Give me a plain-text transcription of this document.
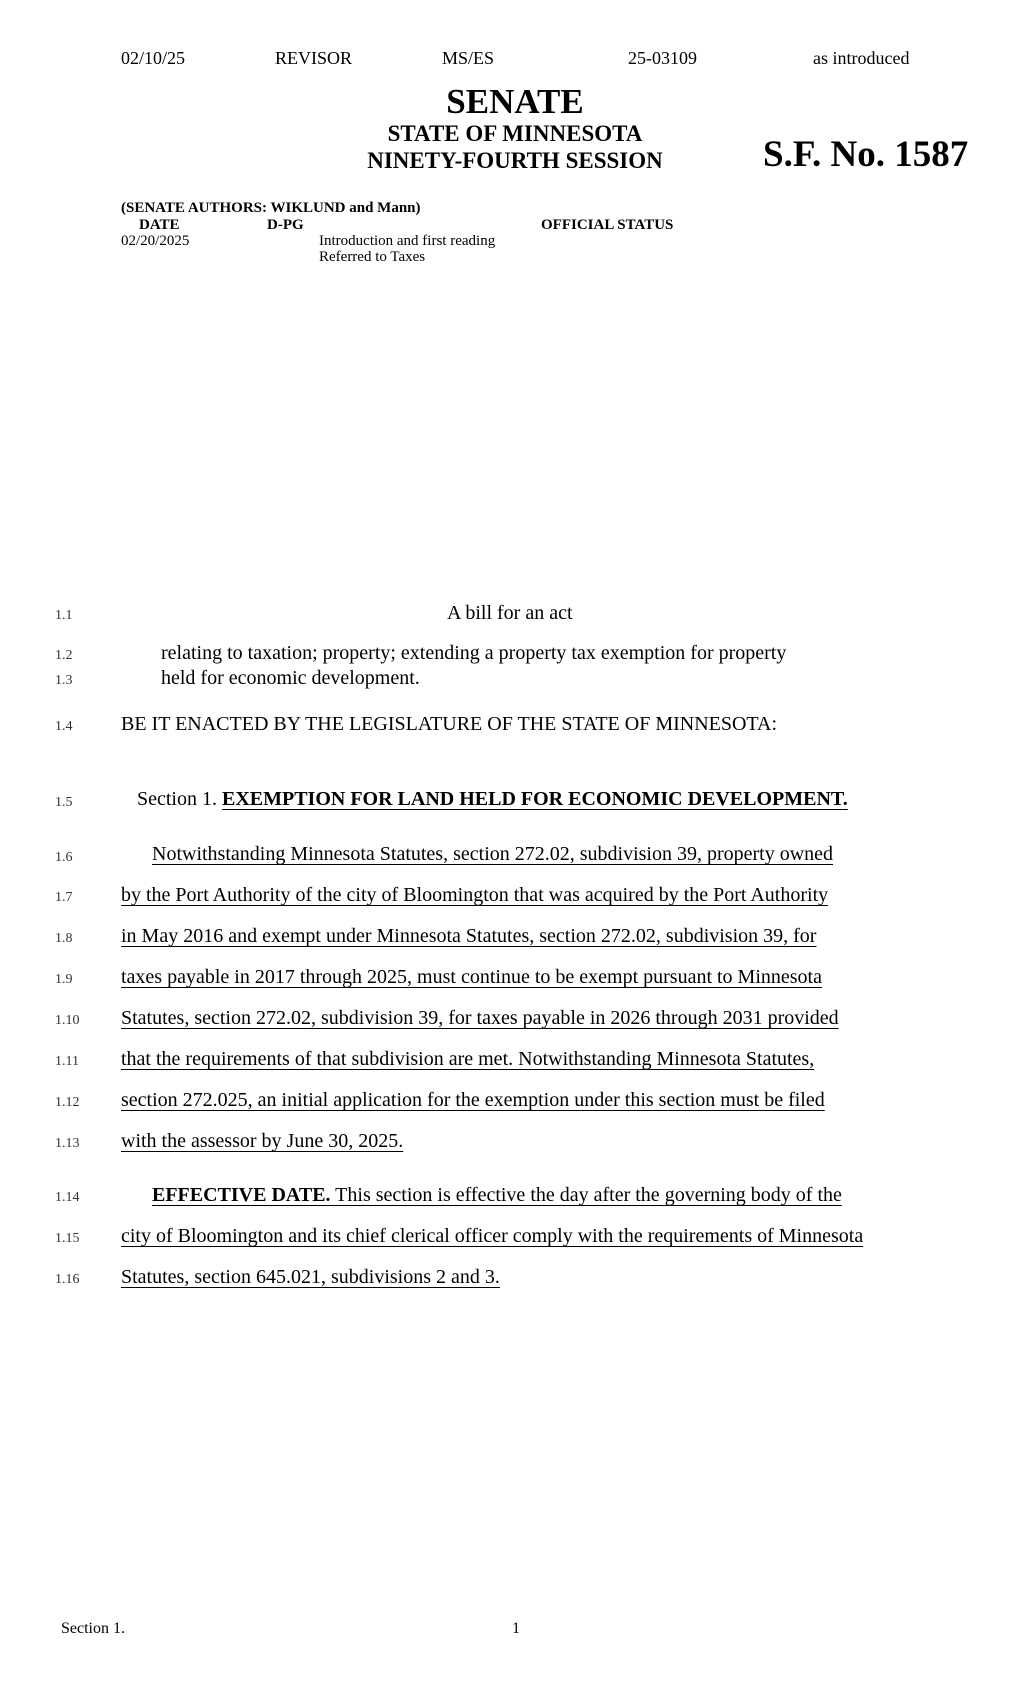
02/10/25	REVISOR	MS/ES	25-03109	as introduced
SENATE
STATE OF MINNESOTA
NINETY-FOURTH SESSION	S.F. No. 1587
(SENATE AUTHORS: WIKLUND and Mann)
DATE	D-PG	OFFICIAL STATUS
02/20/2025	Introduction and first reading
Referred to Taxes
1.1	A bill for an act
1.2	relating to taxation; property; extending a property tax exemption for property
1.3	held for economic development.
1.4 BE IT ENACTED BY THE LEGISLATURE OF THE STATE OF MINNESOTA:
1.5	Section 1. EXEMPTION FOR LAND HELD FOR ECONOMIC DEVELOPMENT.
1.6	Notwithstanding Minnesota Statutes, section 272.02, subdivision 39, property owned
1.7 by the Port Authority of the city of Bloomington that was acquired by the Port Authority
1.8 in May 2016 and exempt under Minnesota Statutes, section 272.02, subdivision 39, for
1.9 taxes payable in 2017 through 2025, must continue to be exempt pursuant to Minnesota
1.10 Statutes, section 272.02, subdivision 39, for taxes payable in 2026 through 2031 provided
1.11 that the requirements of that subdivision are met. Notwithstanding Minnesota Statutes,
1.12 section 272.025, an initial application for the exemption under this section must be filed
1.13 with the assessor by June 30, 2025.
1.14	EFFECTIVE DATE. This section is effective the day after the governing body of the
1.15 city of Bloomington and its chief clerical officer comply with the requirements of Minnesota
1.16 Statutes, section 645.021, subdivisions 2 and 3.
Section 1.	1
